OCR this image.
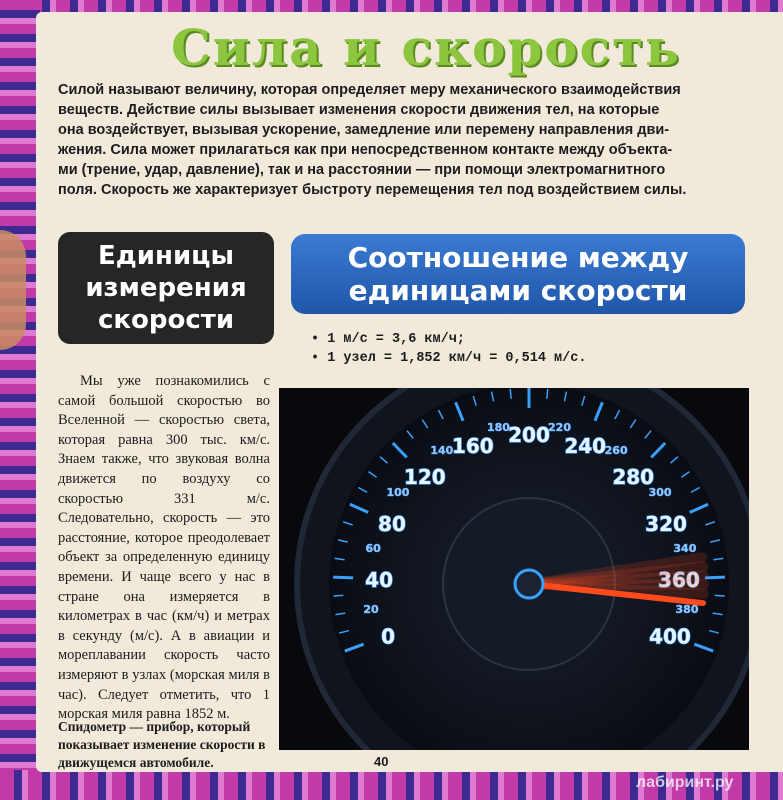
Сила и скорость
Силой называют величину, которая определяет меру механического взаимодействия
веществ. Действие силы вызывает изменения скорости движения тел, на которые
она воздействует, вызывая ускорение, замедление или перемену направления дви-
жения. Сила может прилагаться как при непосредственном контакте между объекта-
ми (трение, удар, давление), так и на расстоянии — при помощи электромагнитного
поля. Скорость же характеризует быстроту перемещения тел под воздействием силы.
Единицы
измерения
скорости
Соотношение между
единицами скорости
• 1 м/с = 3,6 км/ч;
• 1 узел = 1,852 км/ч = 0,514 м/с.
Мы уже познакомились с самой большой скоростью во Вселенной — скоростью света, которая равна 300 тыс. км/с. Знаем также, что звуковая волна движется по воздуху со скоростью 331 м/с. Следовательно, скорость — это расстояние, которое преодолевает объект за определенную единицу времени. И чаще всего у нас в стране она измеряется в километрах в час (км/ч) и метрах в секунду (м/с). А в авиации и мореплавании скорость часто измеряют в узлах (морская миля в час). Следует отметить, что 1 морская миля равна 1852 м.
Спидометр — прибор, который показывает изменение скорости в движущемся автомобиле.	40
0
40
80
120
160 200 240
280
320
360
400
20
60
100
140
180	220
260
300
340
380
лабиринт.ру
